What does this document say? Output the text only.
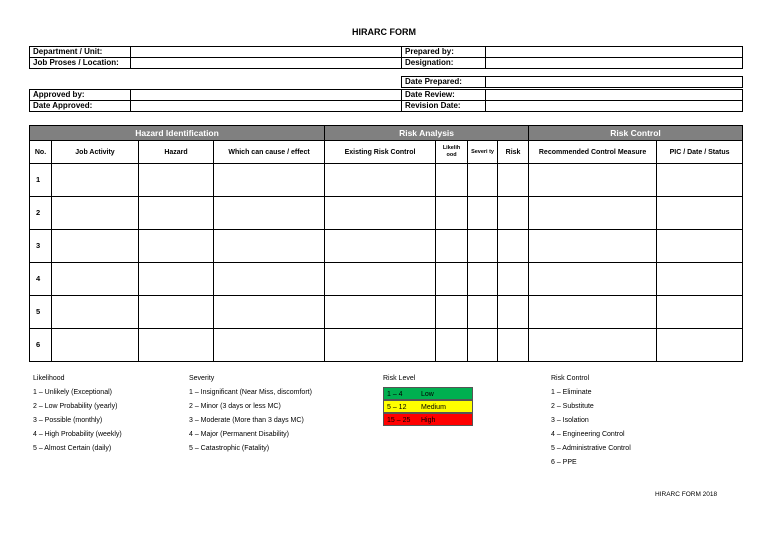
HIRARC FORM
Department / Unit:		Prepared by:	
Job Proses / Location:		Designation:	
Date Prepared:	
Approved by:		Date Review:	
Date Approved:		Revision Date:	
Hazard Identification				Risk Analysis				Risk Control	
No.	Job Activity	Hazard	Which can cause / effect	Existing Risk Control	Likelih ood	Severi ty	Risk	Recommended Control Measure	PIC / Date / Status
1									
2									
3									
4									
5									
6									
Likelihood
1 – Unlikely (Exceptional)
2 – Low Probability (yearly)
3 – Possible (monthly)
4 – High Probability (weekly)
5 – Almost Certain (daily)
Severity
1 – Insignificant (Near Miss, discomfort)
2 – Minor (3 days or less MC)
3 – Moderate (More than 3 days MC)
4 – Major (Permanent Disability)
5 – Catastrophic (Fatality)
Risk Level
1 – 4	Low
5 – 12 Medium
15 – 25 High
Risk Control
1 – Eliminate
2 – Substitute
3 – Isolation
4 – Engineering Control
5 – Administrative Control
6 – PPE
HIRARC FORM 2018
